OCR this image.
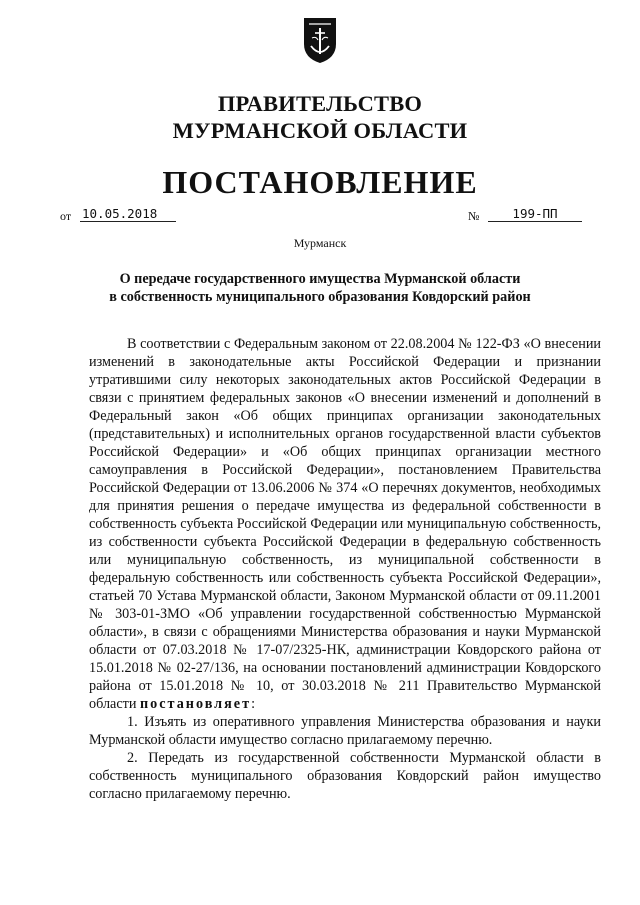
ПРАВИТЕЛЬСТВО
МУРМАНСКОЙ ОБЛАСТИ
ПОСТАНОВЛЕНИЕ
от 10.05.2018	№	199-ПП
Мурманск
О передаче государственного имущества Мурманской области
в собственность муниципального образования Ковдорский район

В соответствии с Федеральным законом от 22.08.2004 № 122-ФЗ «О внесении изменений в законодательные акты Российской Федерации и признании утратившими силу некоторых законодательных актов Российской Федерации в связи с принятием федеральных законов «О внесении изменений и дополнений в Федеральный закон «Об общих принципах организации законодательных (представительных) и исполнительных органов государственной власти субъектов Российской Федерации» и «Об общих принципах организации местного самоуправления в Российской Федерации», постановлением Правительства Российской Федерации от 13.06.2006 № 374 «О перечнях документов, необходимых для принятия решения о передаче имущества из федеральной собственности в собственность субъекта Российской Федерации или муниципальную собственность, из собственности субъекта Российской Федерации в федеральную собственность или муниципальную собственность, из муниципальной собственности в федеральную собственность или собственность субъекта Российской Федерации», статьей 70 Устава Мурманской области, Законом Мурманской области от 09.11.2001 № 303-01-ЗМО «Об управлении государственной собственностью Мурманской области», в связи с обращениями Министерства образования и науки Мурманской области от 07.03.2018 № 17-07/2325-НК, администрации Ковдорского района от 15.01.2018 № 02-27/136, на основании постановлений администрации Ковдорского района от 15.01.2018 № 10, от 30.03.2018 № 211 Правительство Мурманской области постановляет:

1. Изъять из оперативного управления Министерства образования и науки Мурманской области имущество согласно прилагаемому перечню.

2. Передать из государственной собственности Мурманской области в собственность муниципального образования Ковдорский район имущество согласно прилагаемому перечню.
